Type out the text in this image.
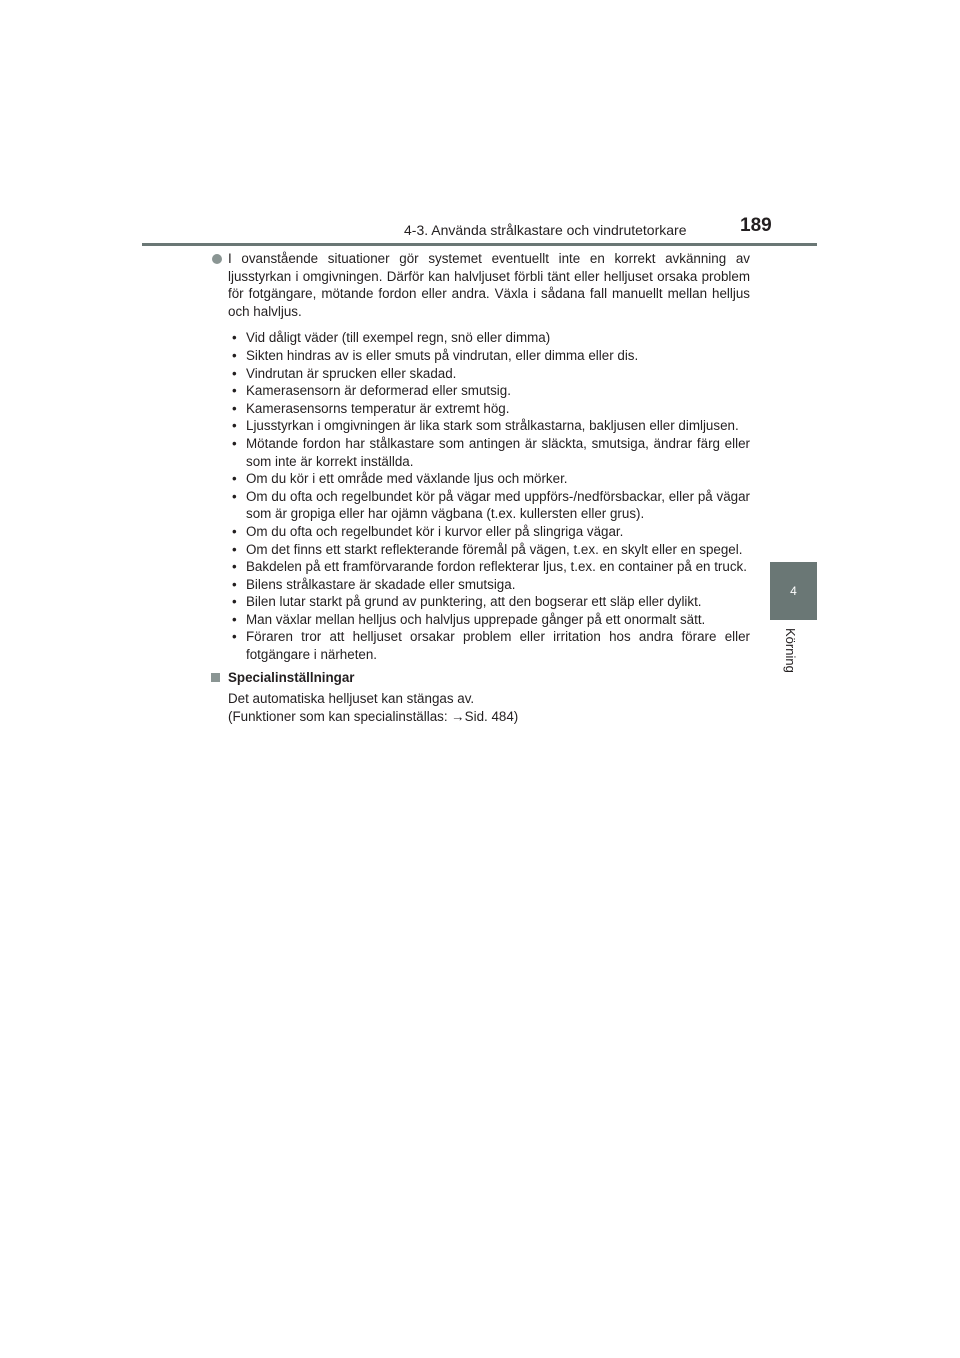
4-3. Använda strålkastare och vindrutetorkare	189
4
Körning
I ovanstående situationer gör systemet eventuellt inte en korrekt avkänning av ljusstyrkan i omgivningen. Därför kan halvljuset förbli tänt eller helljuset orsaka problem för fotgängare, mötande fordon eller andra. Växla i sådana fall manuellt mellan helljus och halvljus.
• Vid dåligt väder (till exempel regn, snö eller dimma)
• Sikten hindras av is eller smuts på vindrutan, eller dimma eller dis.
• Vindrutan är sprucken eller skadad.
• Kamerasensorn är deformerad eller smutsig.
• Kamerasensorns temperatur är extremt hög.
• Ljusstyrkan i omgivningen är lika stark som strålkastarna, bakljusen eller dimljusen.
• Mötande fordon har stålkastare som antingen är släckta, smutsiga, ändrar färg eller som inte är korrekt inställda.
• Om du kör i ett område med växlande ljus och mörker.
• Om du ofta och regelbundet kör på vägar med uppförs-/nedförsbackar, eller på vägar som är gropiga eller har ojämn vägbana (t.ex. kullersten eller grus).
• Om du ofta och regelbundet kör i kurvor eller på slingriga vägar.
• Om det finns ett starkt reflekterande föremål på vägen, t.ex. en skylt eller en spegel.
• Bakdelen på ett framförvarande fordon reflekterar ljus, t.ex. en container på en truck.
• Bilens strålkastare är skadade eller smutsiga.
• Bilen lutar starkt på grund av punktering, att den bogserar ett släp eller dylikt.
• Man växlar mellan helljus och halvljus upprepade gånger på ett onormalt sätt.
• Föraren tror att helljuset orsakar problem eller irritation hos andra förare eller fotgängare i närheten.
Specialinställningar
Det automatiska helljuset kan stängas av.
(Funktioner som kan specialinställas: →Sid. 484)
